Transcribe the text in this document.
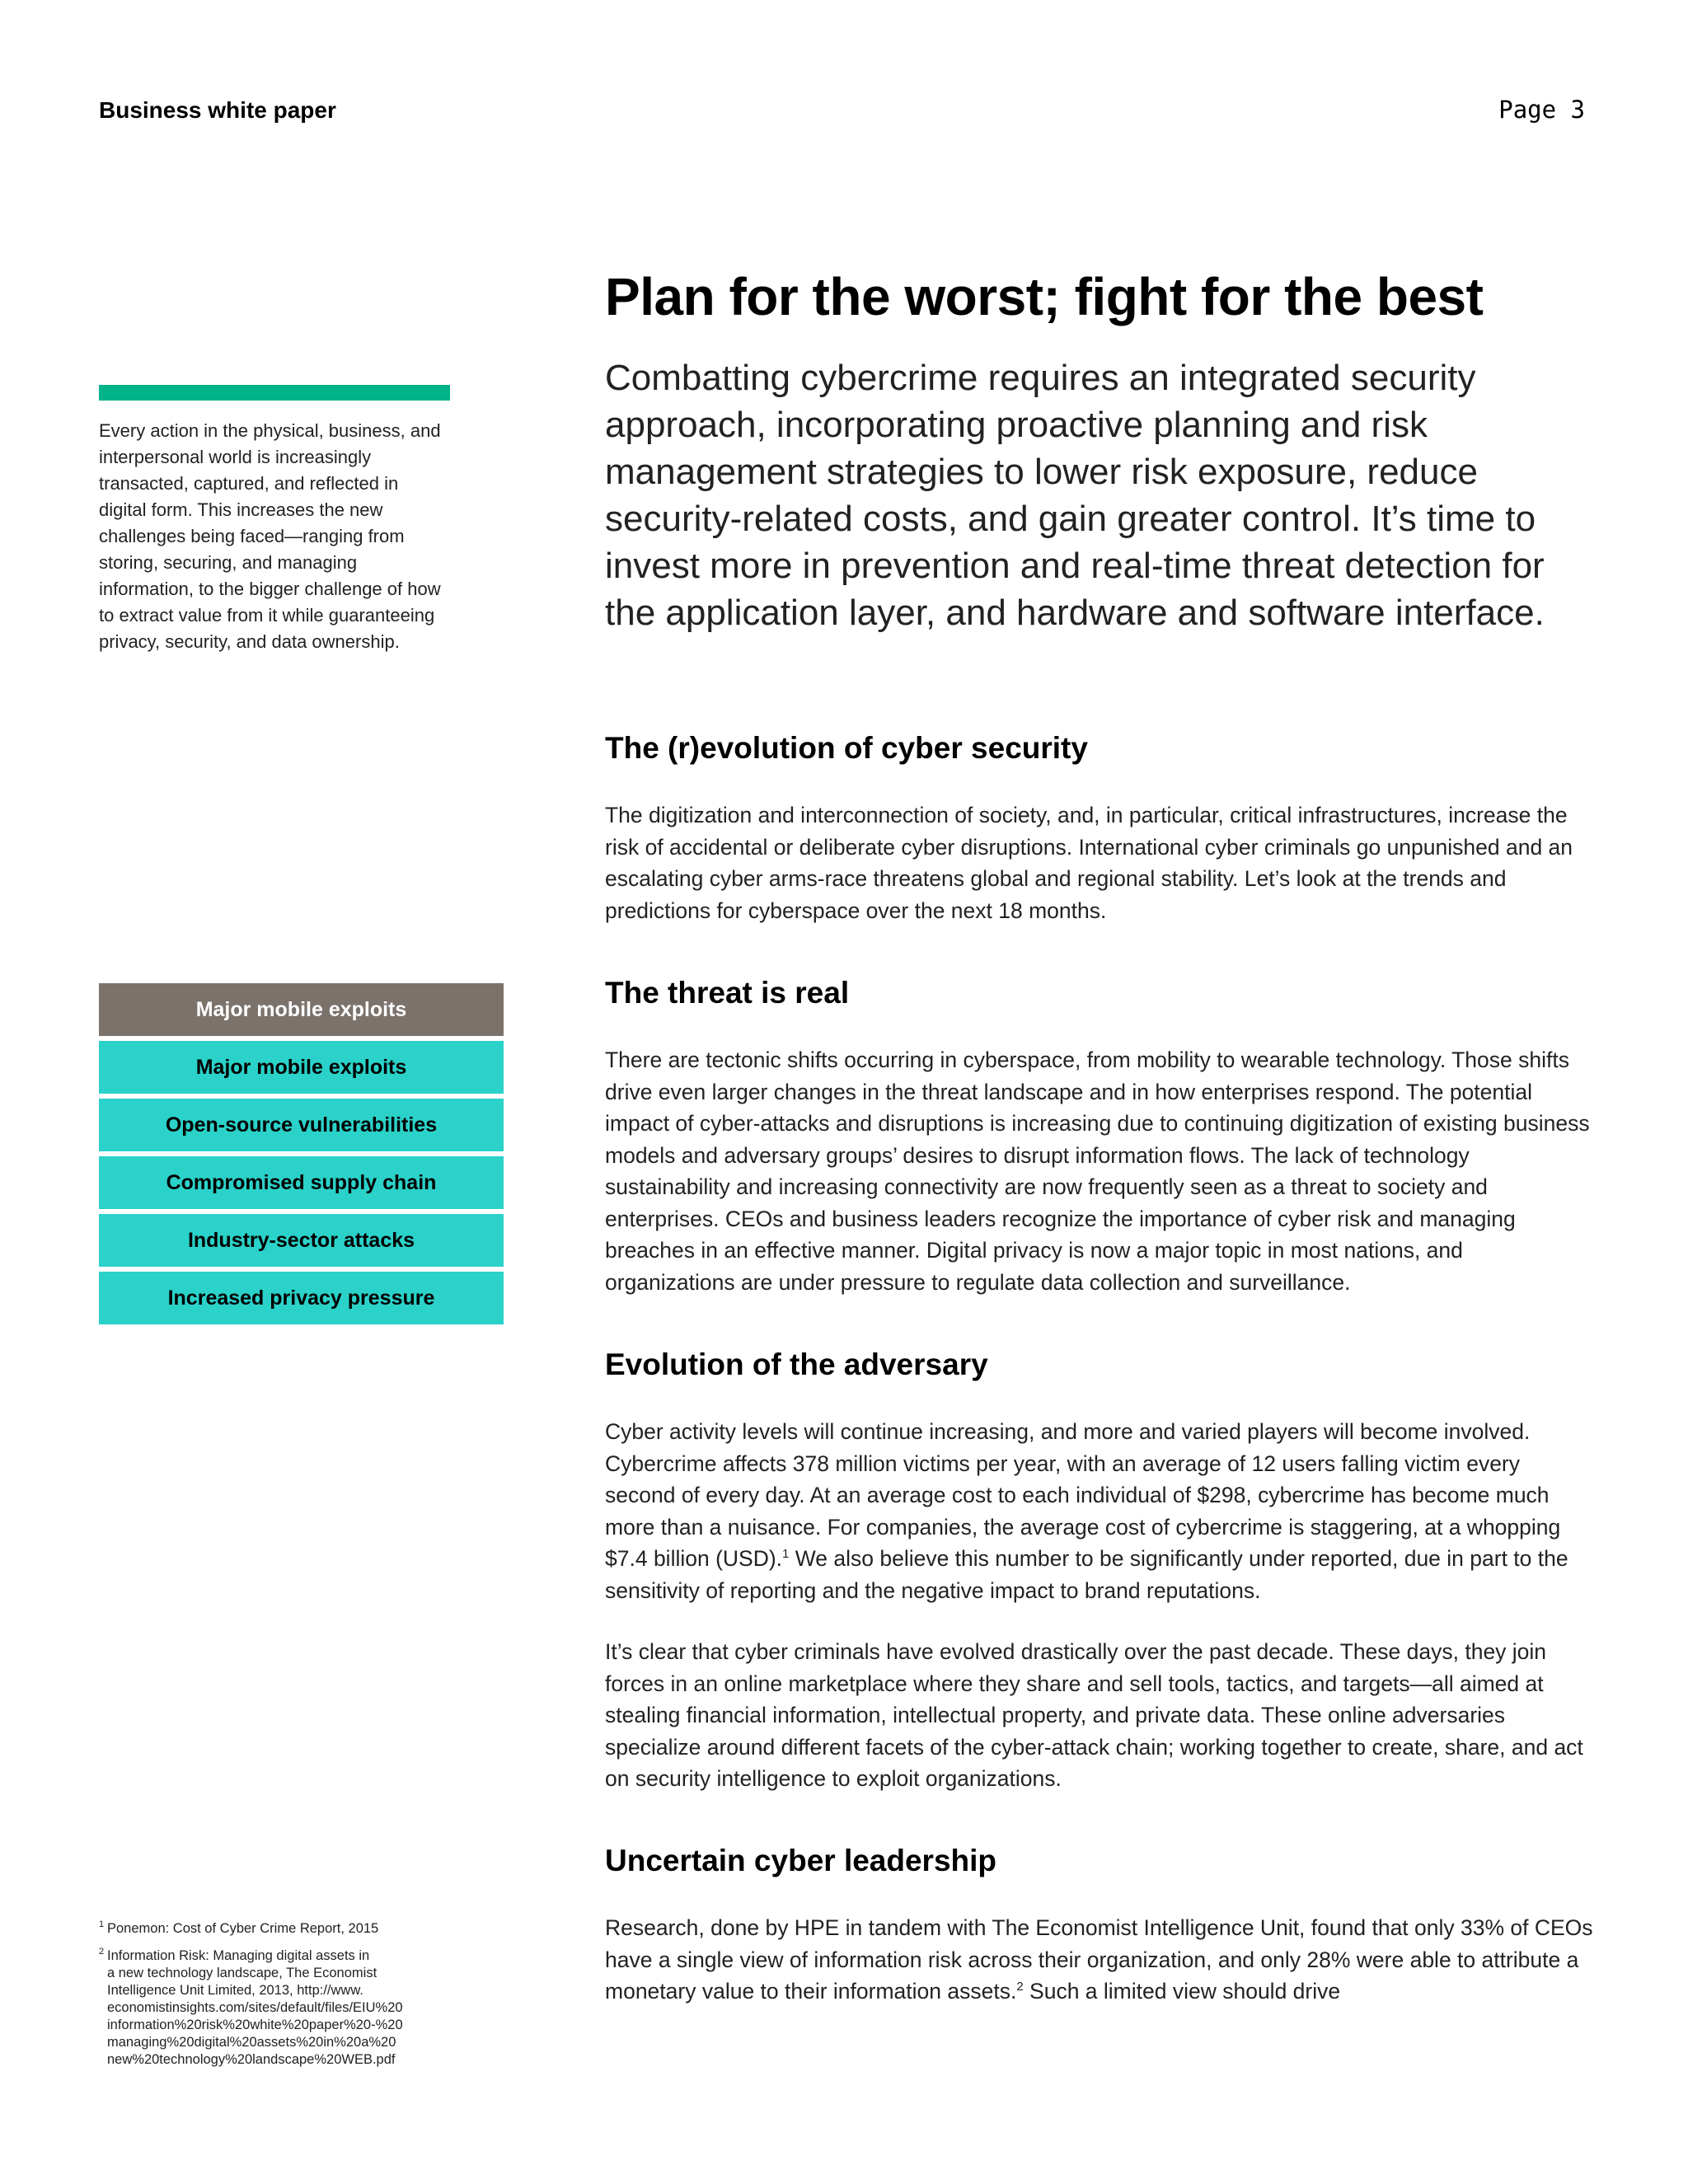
Business white paper	Page 3
Every action in the physical, business, and interpersonal world is increasingly transacted, captured, and reflected in digital form. This increases the new challenges being faced—ranging from storing, securing, and managing information, to the bigger challenge of how to extract value from it while guaranteeing privacy, security, and data ownership.
Major mobile exploits
Major mobile exploits
Open-source vulnerabilities
Compromised supply chain
Industry-sector attacks
Increased privacy pressure
1 Ponemon: Cost of Cyber Crime Report, 2015
2 Information Risk: Managing digital assets in
a new technology landscape, The Economist
Intelligence Unit Limited, 2013, http://www.
economistinsights.com/sites/default/files/EIU%20
information%20risk%20white%20paper%20-%20
managing%20digital%20assets%20in%20a%20
new%20technology%20landscape%20WEB.pdf
Plan for the worst; fight for the best
Combatting cybercrime requires an integrated security approach, incorporating proactive planning and risk management strategies to lower risk exposure, reduce security-related costs, and gain greater control. It’s time to invest more in prevention and real-time threat detection for the application layer, and hardware and software interface.
The (r)evolution of cyber security

The digitization and interconnection of society, and, in particular, critical infrastructures, increase the risk of accidental or deliberate cyber disruptions. International cyber criminals go unpunished and an escalating cyber arms-race threatens global and regional stability. Let’s look at the trends and predictions for cyberspace over the next 18 months.

The threat is real

There are tectonic shifts occurring in cyberspace, from mobility to wearable technology. Those shifts drive even larger changes in the threat landscape and in how enterprises respond. The potential impact of cyber-attacks and disruptions is increasing due to continuing digitization of existing business models and adversary groups’ desires to disrupt information flows. The lack of technology sustainability and increasing connectivity are now frequently seen as a threat to society and enterprises. CEOs and business leaders recognize the importance of cyber risk and managing breaches in an effective manner. Digital privacy is now a major topic in most nations, and organizations are under pressure to regulate data collection and surveillance.

Evolution of the adversary

Cyber activity levels will continue increasing, and more and varied players will become involved. Cybercrime affects 378 million victims per year, with an average of 12 users falling victim every second of every day. At an average cost to each individual of $298, cybercrime has become much more than a nuisance. For companies, the average cost of cybercrime is staggering, at a whopping $7.4 billion (USD).$^1$ We also believe this number to be significantly under reported, due in part to the sensitivity of reporting and the negative impact to brand reputations.

It’s clear that cyber criminals have evolved drastically over the past decade. These days, they join forces in an online marketplace where they share and sell tools, tactics, and targets—all aimed at stealing financial information, intellectual property, and private data. These online adversaries specialize around different facets of the cyber-attack chain; working together to create, share, and act on security intelligence to exploit organizations.

Uncertain cyber leadership

Research, done by HPE in tandem with The Economist Intelligence Unit, found that only 33% of CEOs have a single view of information risk across their organization, and only 28% were able to attribute a monetary value to their information assets.$^2$ Such a limited view should drive
